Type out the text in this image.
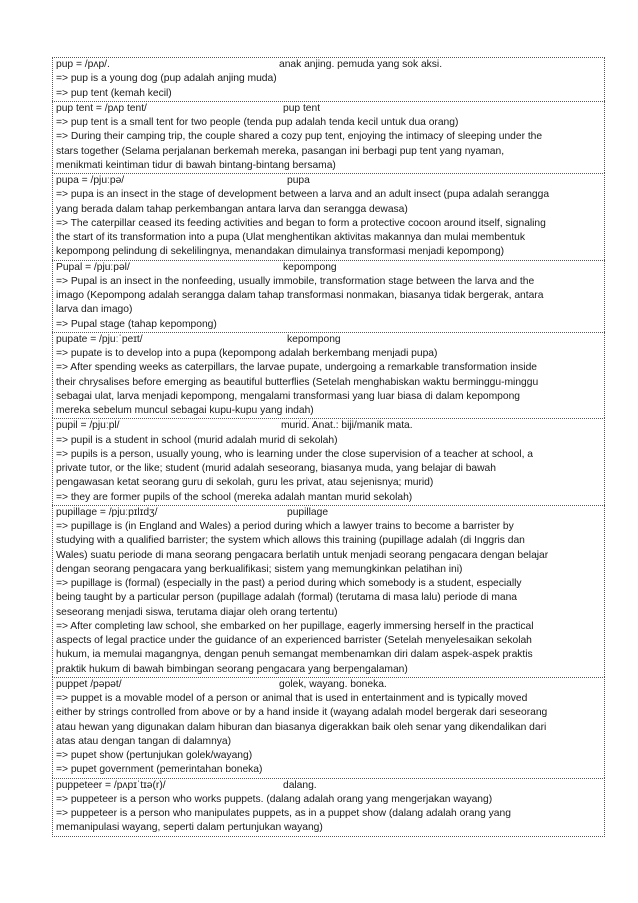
pup = /pʌp/.	anak anjing. pemuda yang sok aksi.
=> pup is a young dog (pup adalah anjing muda)
=> pup tent (kemah kecil)
pup tent = /pʌp tent/	pup tent
=> pup tent is a small tent for two people (tenda pup adalah tenda kecil untuk dua orang)
=> During their camping trip, the couple shared a cozy pup tent, enjoying the intimacy of sleeping under the
stars together (Selama perjalanan berkemah mereka, pasangan ini berbagi pup tent yang nyaman,
menikmati keintiman tidur di bawah bintang-bintang bersama)
pupa = /pjuːpə/	pupa
=> pupa is an insect in the stage of development between a larva and an adult insect (pupa adalah serangga
yang berada dalam tahap perkembangan antara larva dan serangga dewasa)
=> The caterpillar ceased its feeding activities and began to form a protective cocoon around itself, signaling
the start of its transformation into a pupa (Ulat menghentikan aktivitas makannya dan mulai membentuk
kepompong pelindung di sekelilingnya, menandakan dimulainya transformasi menjadi kepompong)
Pupal = /pjuːpəl/	kepompong
=> Pupal is an insect in the nonfeeding, usually immobile, transformation stage between the larva and the
imago (Kepompong adalah serangga dalam tahap transformasi nonmakan, biasanya tidak bergerak, antara
larva dan imago)
=> Pupal stage (tahap kepompong)
pupate = /pjuːˈpeɪt/	kepompong
=> pupate is to develop into a pupa (kepompong adalah berkembang menjadi pupa)
=> After spending weeks as caterpillars, the larvae pupate, undergoing a remarkable transformation inside
their chrysalises before emerging as beautiful butterflies (Setelah menghabiskan waktu berminggu-minggu
sebagai ulat, larva menjadi kepompong, mengalami transformasi yang luar biasa di dalam kepompong
mereka sebelum muncul sebagai kupu-kupu yang indah)
pupil = /pjuːpl/	murid. Anat.: biji/manik mata.
=> pupil is a student in school (murid adalah murid di sekolah)
=> pupils is a person, usually young, who is learning under the close supervision of a teacher at school, a
private tutor, or the like; student (murid adalah seseorang, biasanya muda, yang belajar di bawah
pengawasan ketat seorang guru di sekolah, guru les privat, atau sejenisnya; murid)
=> they are former pupils of the school (mereka adalah mantan murid sekolah)
pupillage = /pjuːpɪlɪdʒ/	pupillage
=> pupillage is (in England and Wales) a period during which a lawyer trains to become a barrister by
studying with a qualified barrister; the system which allows this training (pupillage adalah (di Inggris dan
Wales) suatu periode di mana seorang pengacara berlatih untuk menjadi seorang pengacara dengan belajar
dengan seorang pengacara yang berkualifikasi; sistem yang memungkinkan pelatihan ini)
=> pupillage is (formal) (especially in the past) a period during which somebody is a student, especially
being taught by a particular person (pupillage adalah (formal) (terutama di masa lalu) periode di mana
seseorang menjadi siswa, terutama diajar oleh orang tertentu)
=> After completing law school, she embarked on her pupillage, eagerly immersing herself in the practical
aspects of legal practice under the guidance of an experienced barrister (Setelah menyelesaikan sekolah
hukum, ia memulai magangnya, dengan penuh semangat membenamkan diri dalam aspek-aspek praktis
praktik hukum di bawah bimbingan seorang pengacara yang berpengalaman)
puppet /pəpət/	golek, wayang. boneka.
=> puppet is a movable model of a person or animal that is used in entertainment and is typically moved
either by strings controlled from above or by a hand inside it (wayang adalah model bergerak dari seseorang
atau hewan yang digunakan dalam hiburan dan biasanya digerakkan baik oleh senar yang dikendalikan dari
atas atau dengan tangan di dalamnya)
=> pupet show (pertunjukan golek/wayang)
=> pupet government (pemerintahan boneka)
puppeteer = /pʌpɪˈtɪə(r)/	dalang.
=> puppeteer is a person who works puppets. (dalang adalah orang yang mengerjakan wayang)
=> puppeteer is a person who manipulates puppets, as in a puppet show (dalang adalah orang yang
memanipulasi wayang, seperti dalam pertunjukan wayang)
